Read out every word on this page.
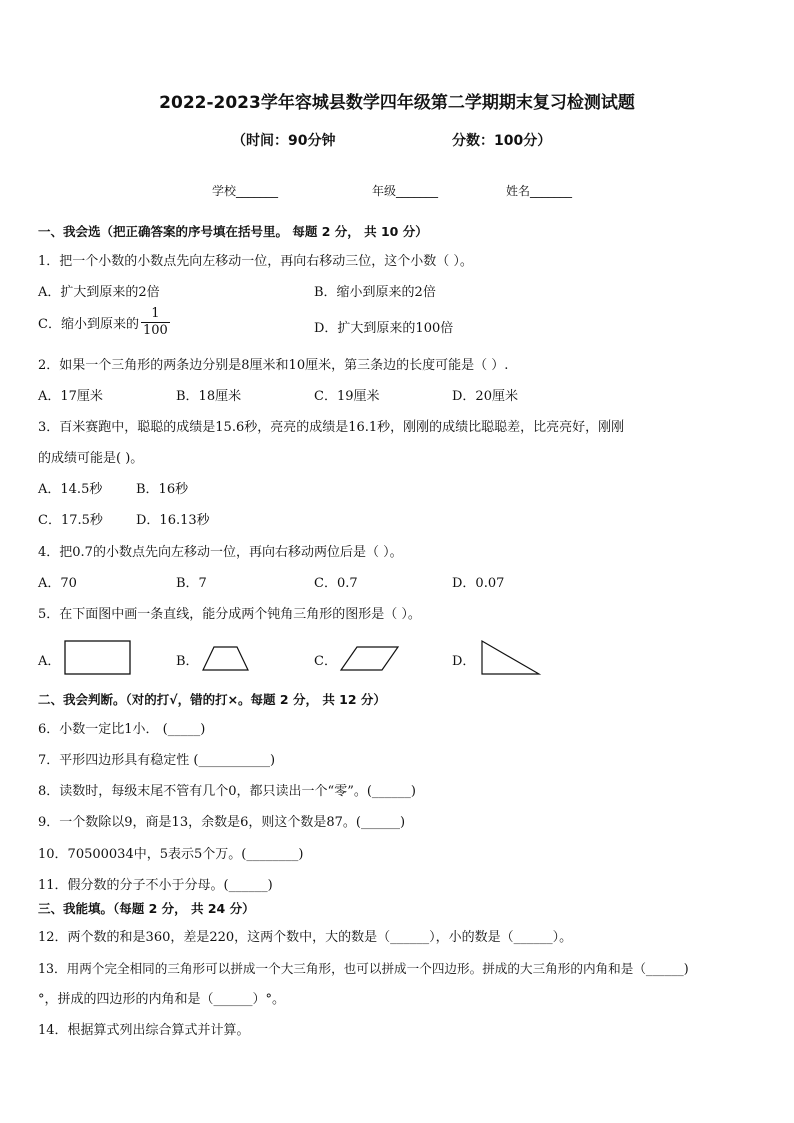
2022-2023学年容城县数学四年级第二学期期末复习检测试题
（时间：90分钟	分数：100分）
学校_______	年级_______	姓名_______
一、我会选（把正确答案的序号填在括号里。 每题 2 分， 共 10 分）
1．把一个小数的小数点先向左移动一位，再向右移动三位，这个小数（ ）。
A．扩大到原来的2倍	B．缩小到原来的2倍
C．缩小到原来的 $\frac{1}{100}$	D．扩大到原来的100倍
2．如果一个三角形的两条边分别是8厘米和10厘米，第三条边的长度可能是（ ）.
A．17厘米	B．18厘米	C．19厘米	D．20厘米
3．百米赛跑中，聪聪的成绩是15.6秒，亮亮的成绩是16.1秒，刚刚的成绩比聪聪差，比亮亮好，刚刚
的成绩可能是( )。
A．14.5秒	B．16秒
C．17.5秒	D．16.13秒
4．把0.7的小数点先向左移动一位，再向右移动两位后是（ ）。
A．70	B．7	C．0.7	D．0.07
5．在下面图中画一条直线，能分成两个钝角三角形的图形是（ ）。
A．	B．	C．	D．
二、我会判断。（对的打√，错的打×。每题 2 分， 共 12 分）
6．小数一定比1小． (_____)
7．平形四边形具有稳定性 (___________)
8．读数时，每级末尾不管有几个0，都只读出一个“零”。(______)
9．一个数除以9，商是13，余数是6，则这个数是87。(______)
10．70500034中，5表示5个万。(________)
11．假分数的分子不小于分母。(______)
三、我能填。（每题 2 分， 共 24 分）
12．两个数的和是360，差是220，这两个数中，大的数是（______），小的数是（______）。
13．用两个完全相同的三角形可以拼成一个大三角形，也可以拼成一个四边形。拼成的大三角形的内角和是（______)
°，拼成的四边形的内角和是（______）°。
14．根据算式列出综合算式并计算。
